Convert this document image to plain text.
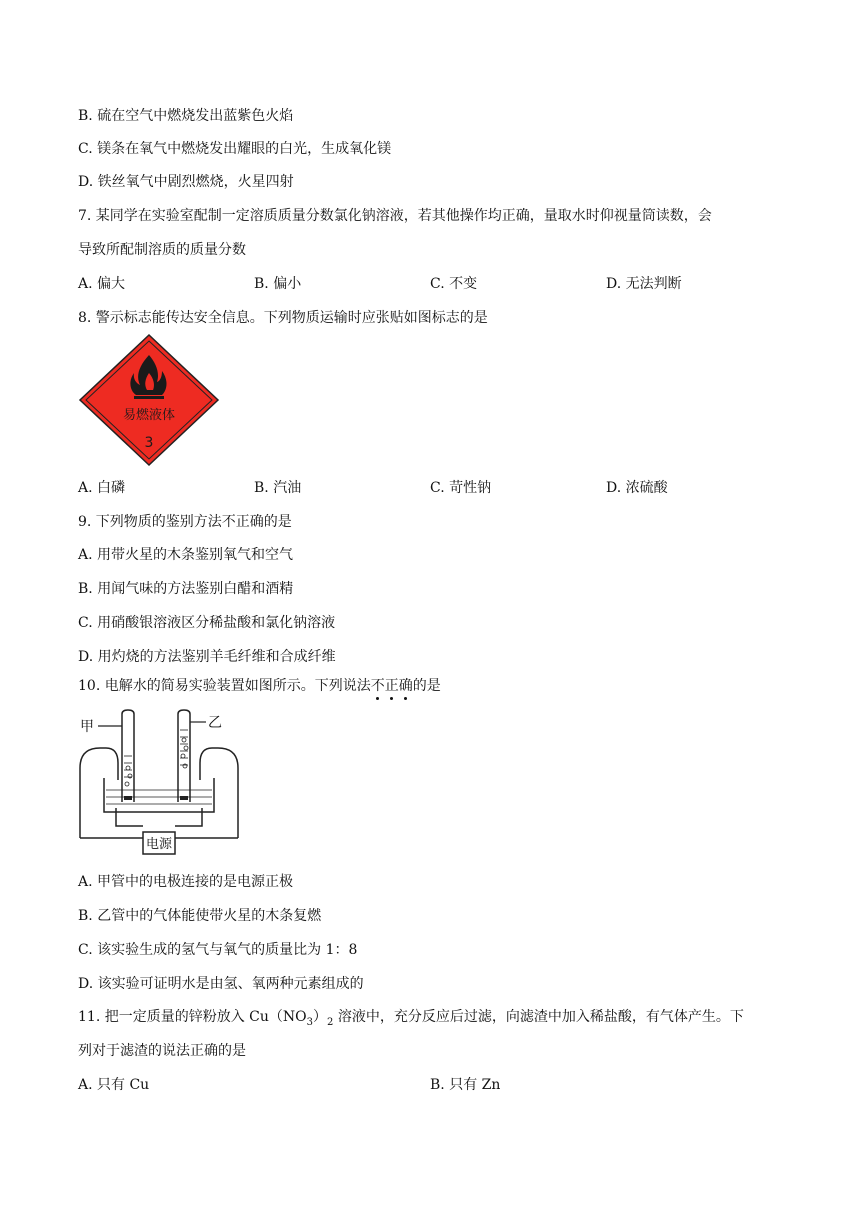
B. 硫在空气中燃烧发出蓝紫色火焰
C. 镁条在氧气中燃烧发出耀眼的白光，生成氧化镁
D. 铁丝氧气中剧烈燃烧，火星四射
7. 某同学在实验室配制一定溶质质量分数氯化钠溶液，若其他操作均正确，量取水时仰视量筒读数，会
导致所配制溶质的质量分数
A. 偏大	B. 偏小	C. 不变	D. 无法判断
8. 警示标志能传达安全信息。下列物质运输时应张贴如图标志的是
易燃液体
3
A. 白磷	B. 汽油	C. 苛性钠	D. 浓硫酸
9. 下列物质的鉴别方法不正确的是
A. 用带火星的木条鉴别氧气和空气
B. 用闻气味的方法鉴别白醋和酒精
C. 用硝酸银溶液区分稀盐酸和氯化钠溶液
D. 用灼烧的方法鉴别羊毛纤维和合成纤维
10. 电解水的简易实验装置如图所示。下列说法不正确
的是
甲	乙
电源
A. 甲管中的电极连接的是电源正极
B. 乙管中的气体能使带火星的木条复燃
C. 该实验生成的氢气与氧气的质量比为 1：8
D. 该实验可证明水是由氢、氧两种元素组成的
11. 把一定质量的锌粉放入 $Cu(NO_3)_2$ 溶液中，充分反应后过滤，向滤渣中加入稀盐酸，有气体产生。下
列对于滤渣的说法正确的是
A. 只有 Cu	B. 只有 Zn
